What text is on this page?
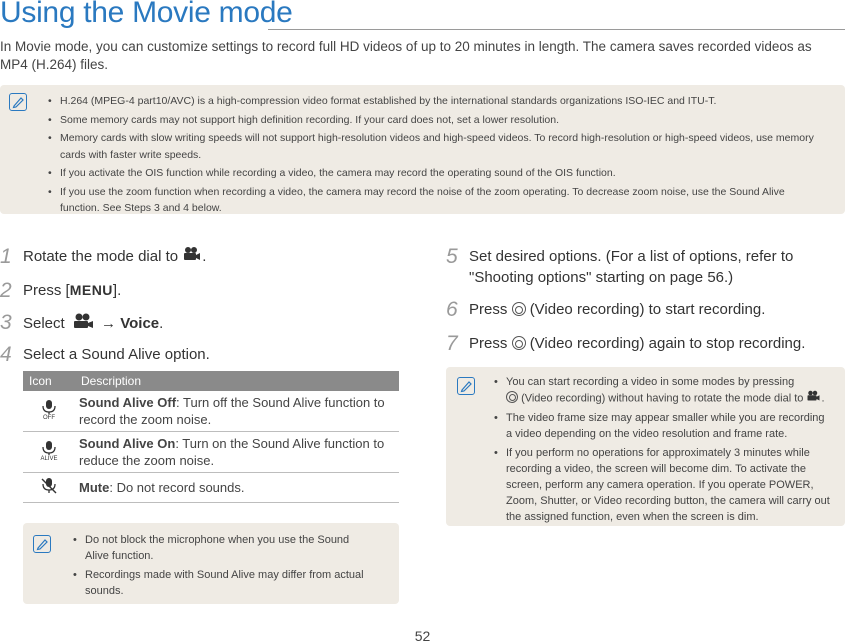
Using the Movie mode
In Movie mode, you can customize settings to record full HD videos of up to 20 minutes in length. The camera saves recorded videos as MP4 (H.264) files.
• H.264 (MPEG-4 part10/AVC) is a high-compression video format established by the international standards organizations ISO-IEC and ITU-T.
• Some memory cards may not support high definition recording. If your card does not, set a lower resolution.
• Memory cards with slow writing speeds will not support high-resolution videos and high-speed videos. To record high-resolution or high-speed videos, use memory cards with faster write speeds.
• If you activate the OIS function while recording a video, the camera may record the operating sound of the OIS function.
• If you use the zoom function when recording a video, the camera may record the noise of the zoom operating. To decrease zoom noise, use the Sound Alive function. See Steps 3 and 4 below.
1 Rotate the mode dial to .
2 Press [MENU].
3 Select → Voice.
4 Select a Sound Alive option.
Icon	Description

OFF	Sound Alive Off: Turn off the Sound Alive function to record the zoom noise.

ALIVE	Sound Alive On: Turn on the Sound Alive function to reduce the zoom noise.
	Mute: Do not record sounds.
• Do not block the microphone when you use the Sound Alive function.
• Recordings made with Sound Alive may differ from actual sounds.
5 Set desired options. (For a list of options, refer to
"Shooting options" starting on page 56.)
6 Press (Video recording) to start recording.
7 Press (Video recording) again to stop recording.
• You can start recording a video in some modes by pressing
(Video recording) without having to rotate the mode dial to .
• The video frame size may appear smaller while you are recording a video depending on the video resolution and frame rate.
• If you perform no operations for approximately 3 minutes while recording a video, the screen will become dim. To activate the screen, perform any camera operation. If you operate POWER, Zoom, Shutter, or Video recording button, the camera will carry out the assigned function, even when the screen is dim.
52
